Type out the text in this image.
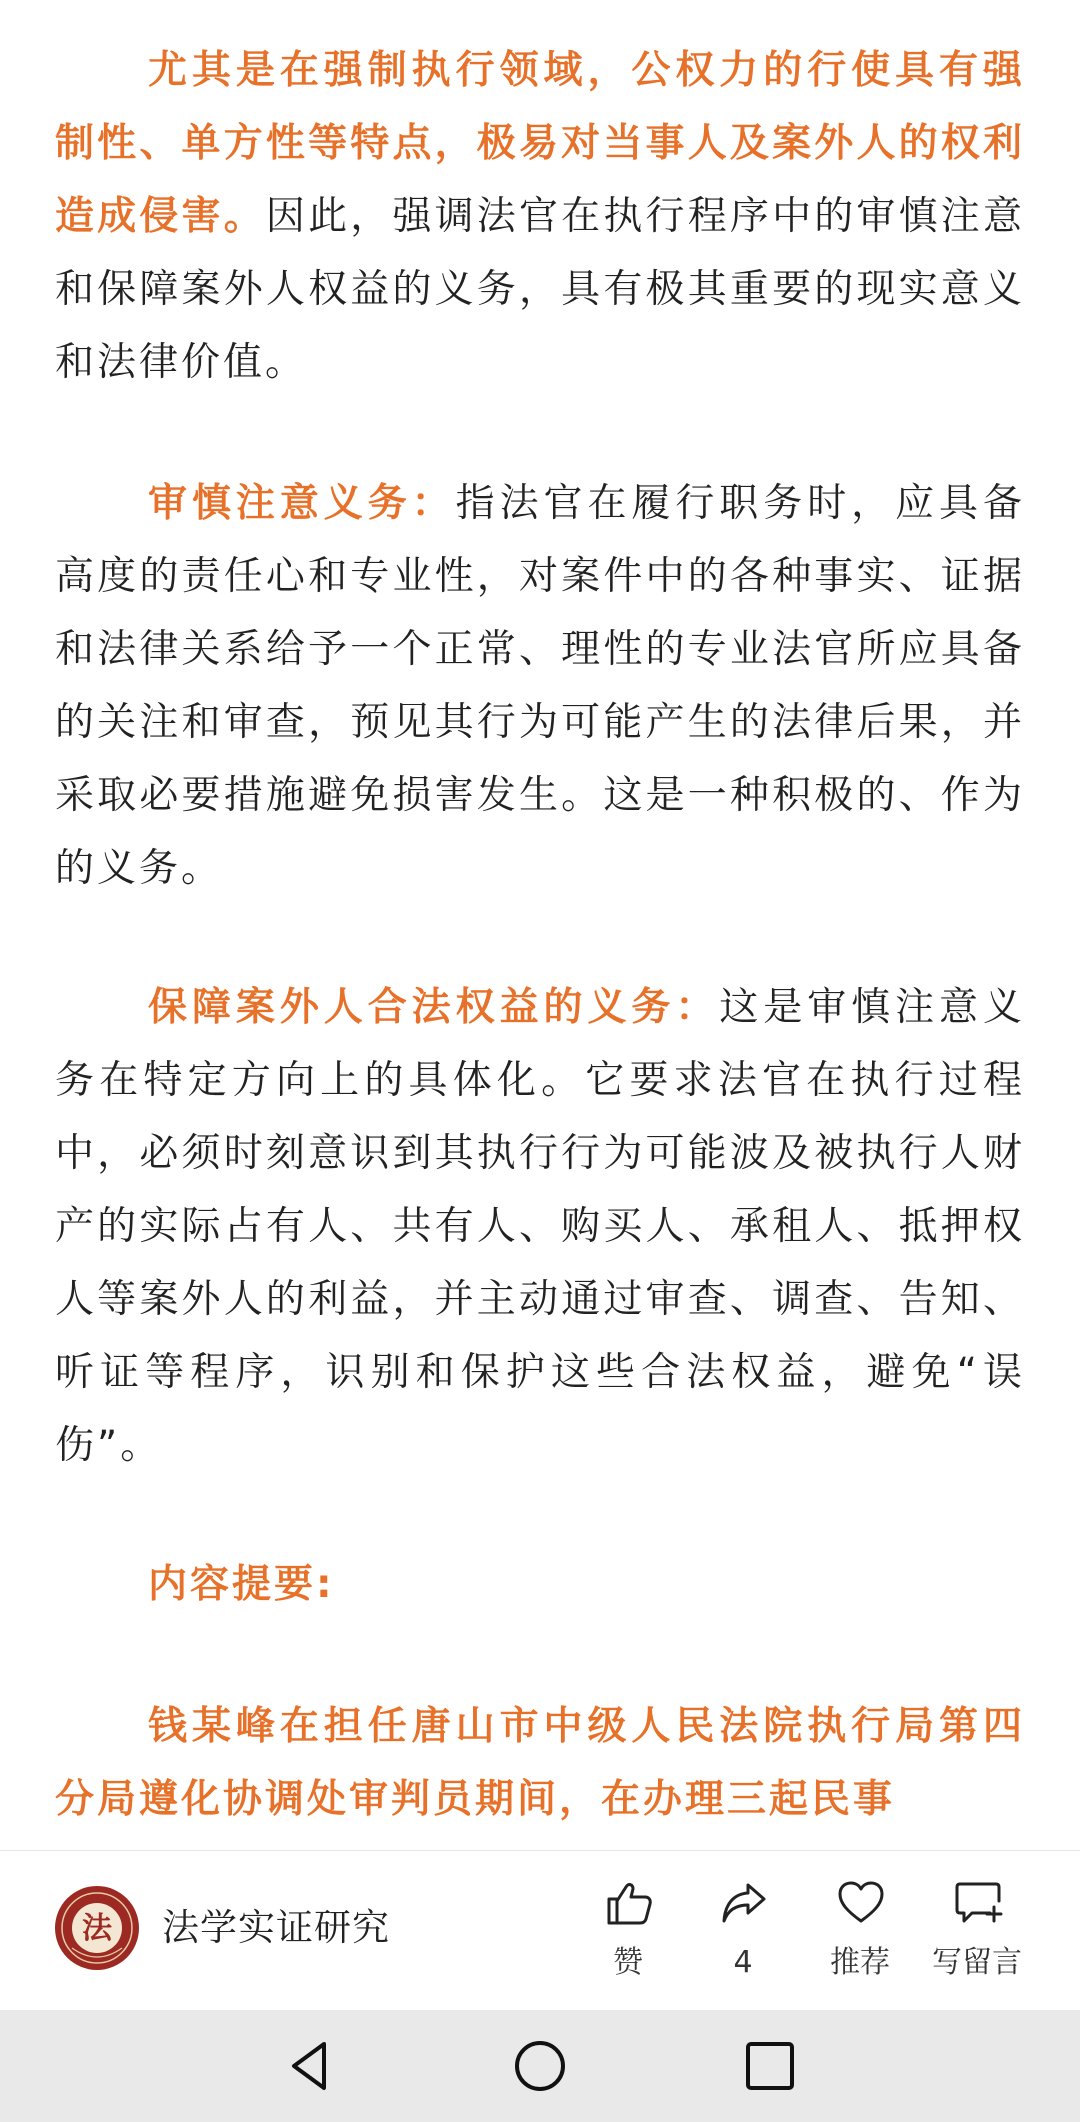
尤其是在强制执行领域，公权力的行使具有强制性、单方性等特点，极易对当事人及案外人的权利造成侵害。因此，强调法官在执行程序中的审慎注意和保障案外人权益的义务，具有极其重要的现实意义和法律价值。

审慎注意义务：指法官在履行职务时，应具备高度的责任心和专业性，对案件中的各种事实、证据和法律关系给予一个正常、理性的专业法官所应具备的关注和审查，预见其行为可能产生的法律后果，并采取必要措施避免损害发生。这是一种积极的、作为的义务。

保障案外人合法权益的义务：这是审慎注意义务在特定方向上的具体化。它要求法官在执行过程中，必须时刻意识到其执行行为可能波及被执行人财产的实际占有人、共有人、购买人、承租人、抵押权人等案外人的利益，并主动通过审查、调查、告知、听证等程序，识别和保护这些合法权益，避免“误伤”。

内容提要:

钱某峰在担任唐山市中级人民法院执行局第四分局遵化协调处审判员期间，在办理三起民事

法 法学实证研究
赞	4	推荐	写留言
